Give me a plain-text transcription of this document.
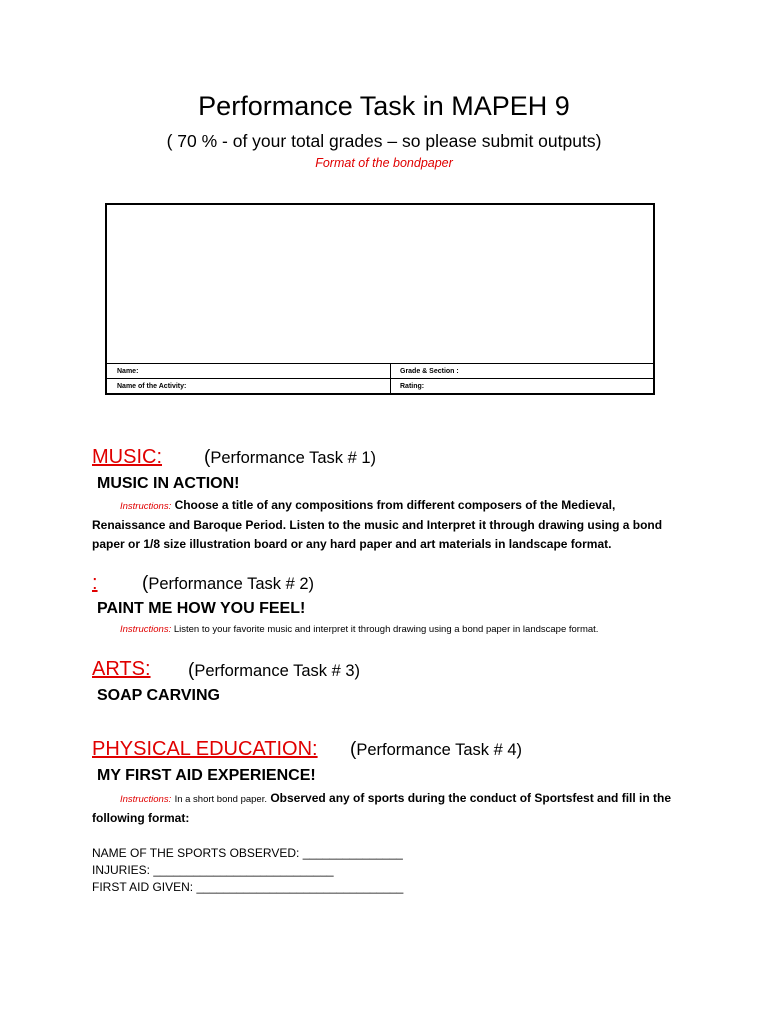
Performance Task in MAPEH 9
( 70 % - of your total grades – so please submit outputs)
Format of the bondpaper
Name:	Grade & Section :
Name of the Activity:	Rating:
MUSIC: (Performance Task # 1)
MUSIC IN ACTION!
Instructions: Choose a title of any compositions from different composers of the Medieval, Renaissance and Baroque Period. Listen to the music and Interpret it through drawing using a bond paper or 1/8 size illustration board or any hard paper and art materials in landscape format.
: (Performance Task # 2)
PAINT ME HOW YOU FEEL!
Instructions: Listen to your favorite music and interpret it through drawing using a bond paper in landscape format.
ARTS: (Performance Task # 3)
SOAP CARVING
PHYSICAL EDUCATION: (Performance Task # 4)
MY FIRST AID EXPERIENCE!
Instructions: In a short bond paper. Observed any of sports during the conduct of Sportsfest and fill in the following format:
NAME OF THE SPORTS OBSERVED: _______________
INJURIES: ___________________________
FIRST AID GIVEN: _______________________________
